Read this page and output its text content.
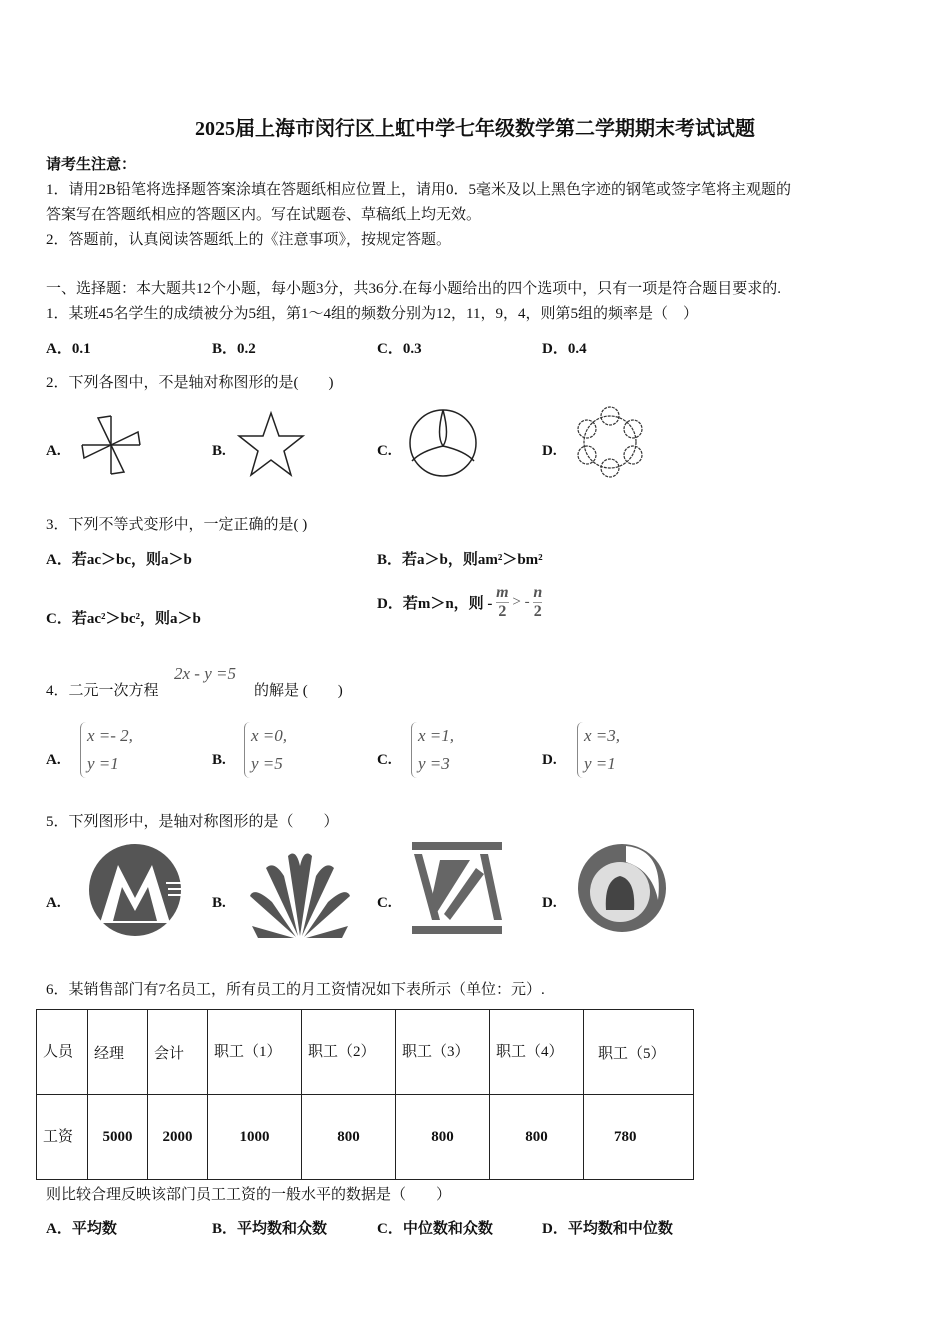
2025届上海市闵行区上虹中学七年级数学第二学期期末考试试题
请考生注意：
1．请用2B铅笔将选择题答案涂填在答题纸相应位置上，请用0．5毫米及以上黑色字迹的钢笔或签字笔将主观题的
答案写在答题纸相应的答题区内。写在试题卷、草稿纸上均无效。
2．答题前，认真阅读答题纸上的《注意事项》，按规定答题。
一、选择题：本大题共12个小题，每小题3分，共36分.在每小题给出的四个选项中，只有一项是符合题目要求的.
1．某班45名学生的成绩被分为5组，第1～4组的频数分别为12，11，9，4，则第5组的频率是（　）
A．0.1	B．0.2	C．0.3	D．0.4
2．下列各图中，不是轴对称图形的是(　　)
A.	B.	C.	D.
3．下列不等式变形中，一定正确的是( )
A．若ac＞bc，则a＞b	B．若a＞b，则am²＞bm²
C．若ac²＞bc²，则a＞b
D．若m＞n，则 - $\frac{m}{2}$ > - $\frac{n}{2}$
4．二元一次方程
2x - y =5
的解是 (　　)
A.
x =- 2,
y =1	B.
x =0,
y =5	C.
x =1,
y =3	D.
x =3,
y =1
5．下列图形中，是轴对称图形的是（　　）
A.	B.	C.	D.
6．某销售部门有7名员工，所有员工的月工资情况如下表所示（单位：元）.
人员	经理	会计	职工（1）	职工（2）	职工（3）	职工（4）	职工（5）
工资	5000	2000	1000	800	800	800	780
则比较合理反映该部门员工工资的一般水平的数据是（　　）
A．平均数	B．平均数和众数	C．中位数和众数	D．平均数和中位数
